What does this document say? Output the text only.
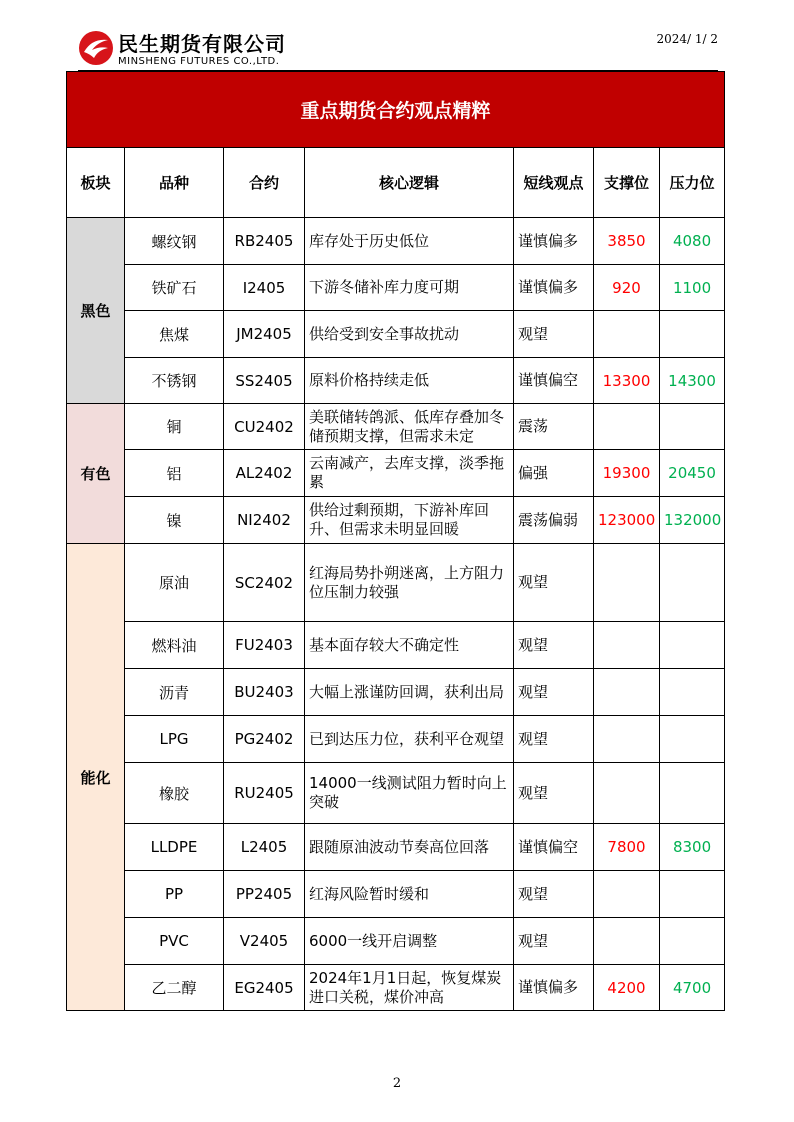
民生期货有限公司
MINSHENG FUTURES CO.,LTD.
2024/ 1/ 2
重点期货合约观点精粹						
板块	品种	合约	核心逻辑	短线观点	支撑位	压力位
黑色	螺纹钢	RB2405	库存处于历史低位	谨慎偏多	3850	4080
	铁矿石	I2405	下游冬储补库力度可期	谨慎偏多	920	1100
	焦煤	JM2405	供给受到安全事故扰动	观望		
	不锈钢	SS2405	原料价格持续走低	谨慎偏空	13300	14300
有色	铜	CU2402	美联储转鸽派、低库存叠加冬储预期支撑，但需求未定	震荡		
	铝	AL2402	云南减产，去库支撑，淡季拖累	偏强	19300	20450
	镍	NI2402	供给过剩预期，下游补库回升、但需求未明显回暖	震荡偏弱	123000	132000
能化	原油	SC2402	红海局势扑朔迷离，上方阻力位压制力较强	观望		
	燃料油	FU2403	基本面存较大不确定性	观望		
	沥青	BU2403	大幅上涨谨防回调，获利出局	观望		
	LPG	PG2402	已到达压力位，获利平仓观望	观望		
	橡胶	RU2405	14000一线测试阻力暂时向上突破	观望		
	LLDPE	L2405	跟随原油波动节奏高位回落	谨慎偏空	7800	8300
	PP	PP2405	红海风险暂时缓和	观望		
	PVC	V2405	6000一线开启调整	观望		
	乙二醇	EG2405	2024年1月1日起，恢复煤炭进口关税，煤价冲高	谨慎偏多	4200	4700
2
